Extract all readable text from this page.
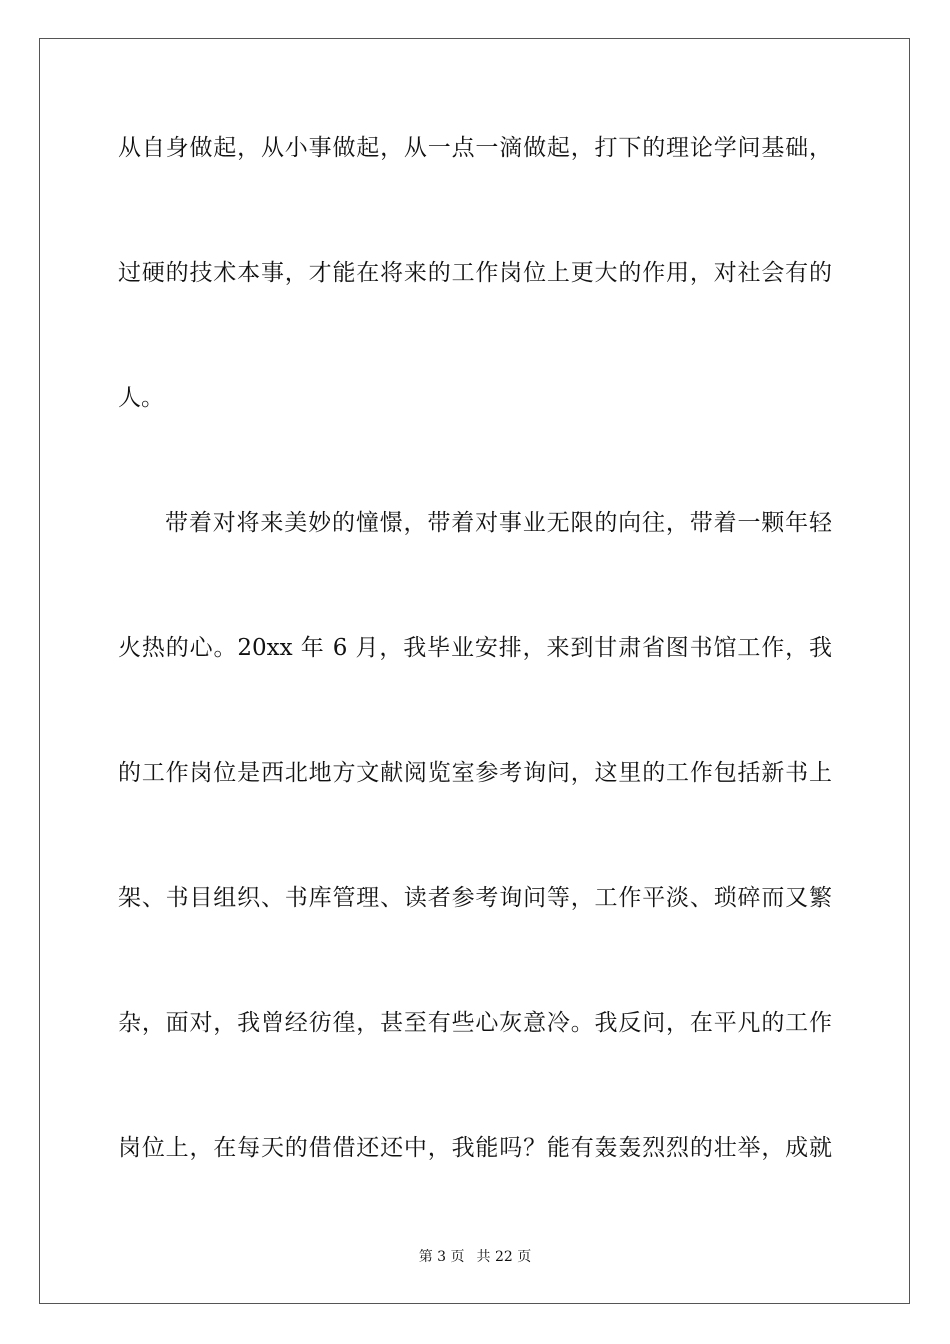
从自身做起，从小事做起，从一点一滴做起，打下的理论学问基础，
过硬的技术本事，才能在将来的工作岗位上更大的作用，对社会有的
人。
带着对将来美妙的憧憬，带着对事业无限的向往，带着一颗年轻
火热的心。20xx 年 6 月，我毕业安排，来到甘肃省图书馆工作，我
的工作岗位是西北地方文献阅览室参考询问，这里的工作包括新书上
架、书目组织、书库管理、读者参考询问等，工作平淡、琐碎而又繁
杂，面对，我曾经彷徨，甚至有些心灰意冷。我反问，在平凡的工作
岗位上，在每天的借借还还中，我能吗？能有轰轰烈烈的壮举，成就
第 3 页 共 22 页
